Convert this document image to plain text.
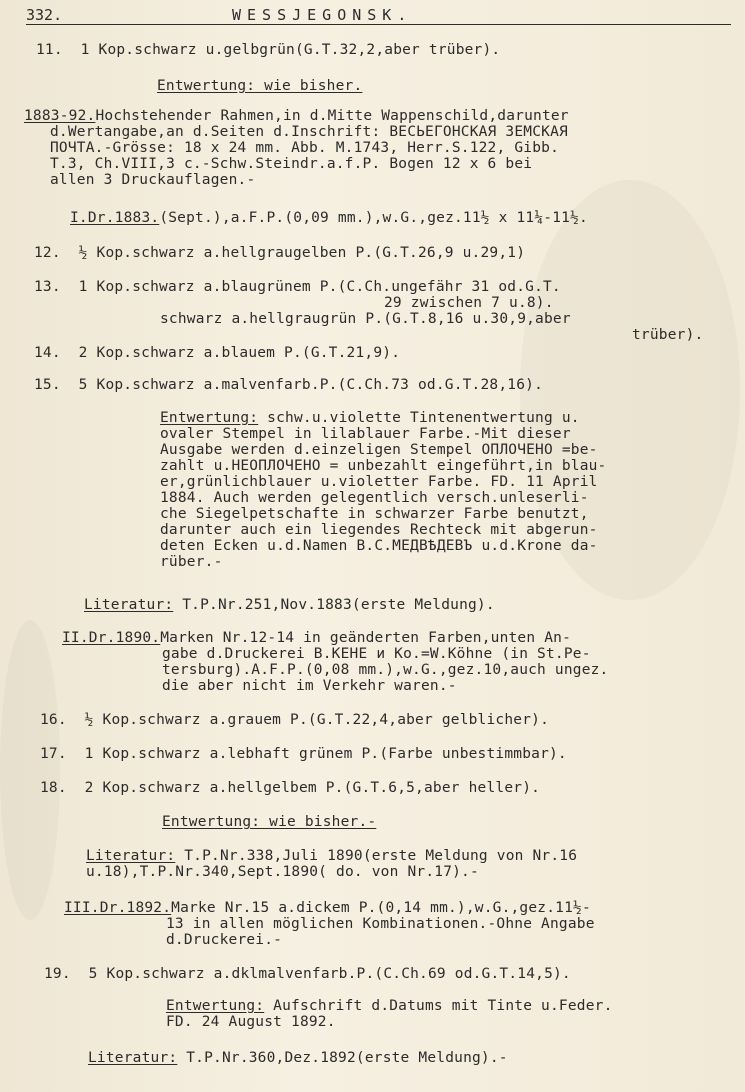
332.	WESSJEGONSK.
11.  1 Kop.schwarz u.gelbgrün(G.T.32,2,aber trüber).
Entwertung: wie bisher.
1883-92.Hochstehender Rahmen,in d.Mitte Wappenschild,darunter
d.Wertangabe,an d.Seiten d.Inschrift: ВЕСЬЕГОНСКАЯ ЗЕМСКАЯ
ПОЧТА.-Grösse: 18 x 24 mm. Abb. M.1743, Herr.S.122, Gibb.
T.3, Ch.VIII,3 c.-Schw.Steindr.a.f.P. Bogen 12 x 6 bei
allen 3 Druckauflagen.-
I.Dr.1883.(Sept.),a.F.P.(0,09 mm.),w.G.,gez.11½ x 11¼-11½.
12.  ½ Kop.schwarz a.hellgraugelben P.(G.T.26,9 u.29,1)
13.  1 Kop.schwarz a.blaugrünem P.(C.Ch.ungefähr 31 od.G.T.
29 zwischen 7 u.8).
schwarz a.hellgraugrün P.(G.T.8,16 u.30,9,aber
trüber).
14.  2 Kop.schwarz a.blauem P.(G.T.21,9).
15.  5 Kop.schwarz a.malvenfarb.P.(C.Ch.73 od.G.T.28,16).
Entwertung: schw.u.violette Tintenentwertung u.
ovaler Stempel in lilablauer Farbe.-Mit dieser
Ausgabe werden d.einzeligen Stempel ОПЛОЧЕНО =be-
zahlt u.НЕОПЛОЧЕНО = unbezahlt eingeführt,in blau-
er,grünlichblauer u.violetter Farbe. FD. 11 April
1884. Auch werden gelegentlich versch.unleserli-
che Siegelpetschafte in schwarzer Farbe benutzt,
darunter auch ein liegendes Rechteck mit abgerun-
deten Ecken u.d.Namen В.С.МЕДВѢДЕВЪ u.d.Krone da-
rüber.-
Literatur: T.P.Nr.251,Nov.1883(erste Meldung).
II.Dr.1890.Marken Nr.12-14 in geänderten Farben,unten An-
gabe d.Druckerei В.КЕНЕ и Ко.=W.Köhne (in St.Pe-
tersburg).A.F.P.(0,08 mm.),w.G.,gez.10,auch ungez.
die aber nicht im Verkehr waren.-
16.  ½ Kop.schwarz a.grauem P.(G.T.22,4,aber gelblicher).
17.  1 Kop.schwarz a.lebhaft grünem P.(Farbe unbestimmbar).
18.  2 Kop.schwarz a.hellgelbem P.(G.T.6,5,aber heller).
Entwertung: wie bisher.-
Literatur: T.P.Nr.338,Juli 1890(erste Meldung von Nr.16
u.18),T.P.Nr.340,Sept.1890( do. von Nr.17).-
III.Dr.1892.Marke Nr.15 a.dickem P.(0,14 mm.),w.G.,gez.11½-
13 in allen möglichen Kombinationen.-Ohne Angabe
d.Druckerei.-
19.  5 Kop.schwarz a.dklmalvenfarb.P.(C.Ch.69 od.G.T.14,5).
Entwertung: Aufschrift d.Datums mit Tinte u.Feder.
FD. 24 August 1892.
Literatur: T.P.Nr.360,Dez.1892(erste Meldung).-
